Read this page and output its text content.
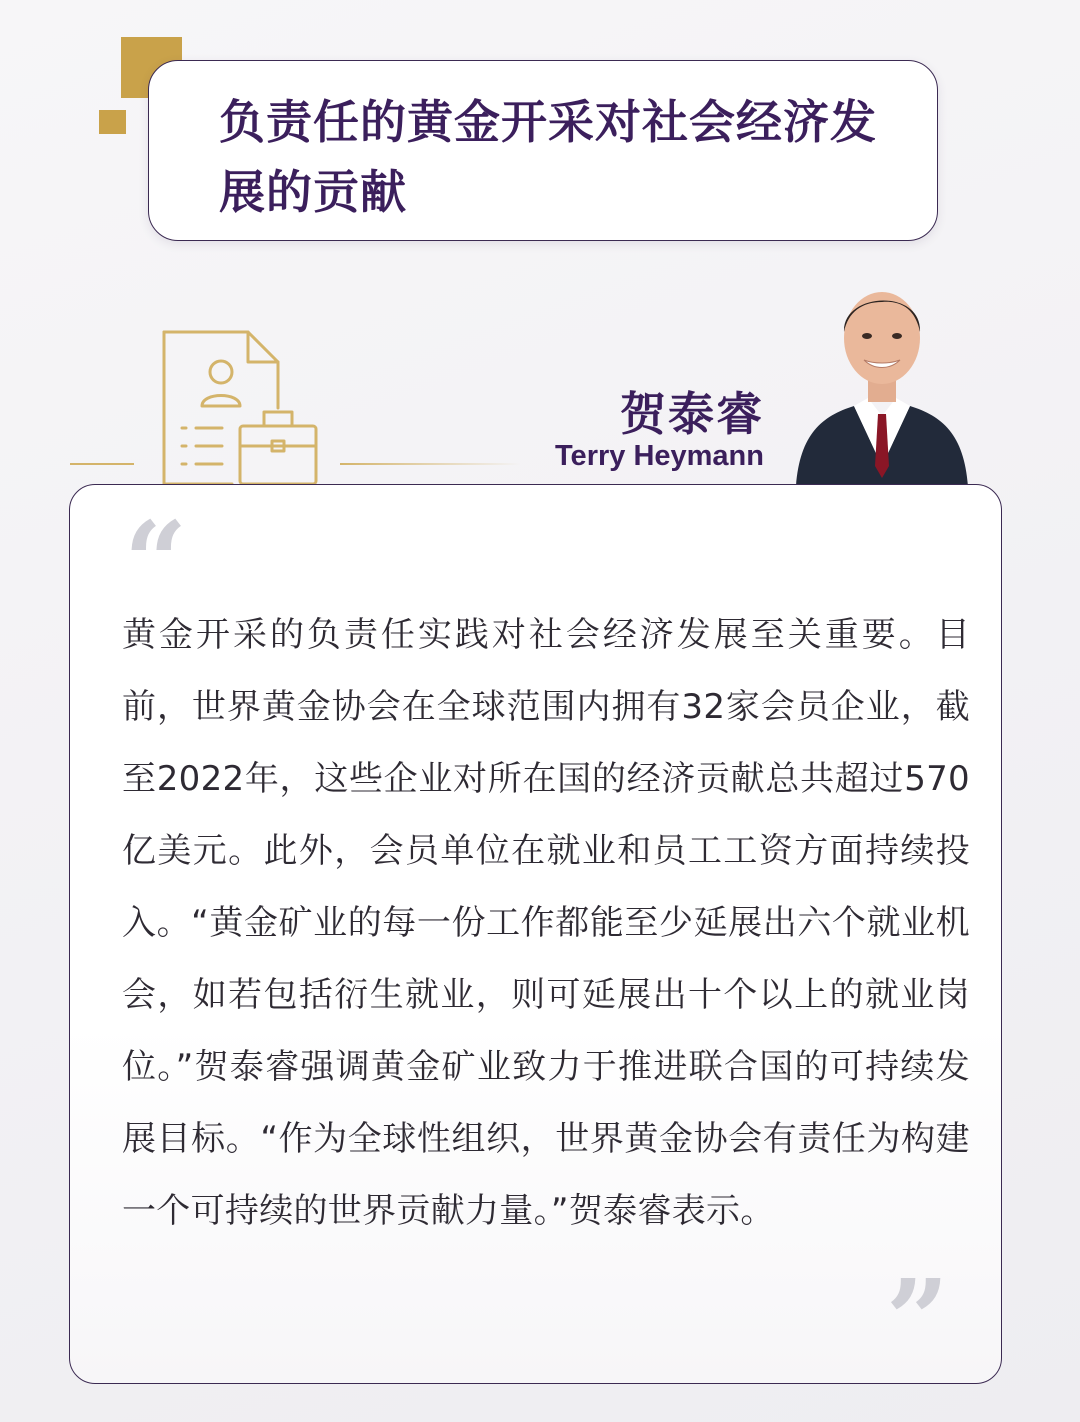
负责任的黄金开采对社会经济发展的贡献

贺泰睿

Terry Heymann

“

黄金开采的负责任实践对社会经济发展至关重要。目前，世界黄金协会在全球范围内拥有32家会员企业，截至2022年，这些企业对所在国的经济贡献总共超过570亿美元。此外，会员单位在就业和员工工资方面持续投入。“黄金矿业的每一份工作都能至少延展出六个就业机会，如若包括衍生就业，则可延展出十个以上的就业岗位。”贺泰睿强调黄金矿业致力于推进联合国的可持续发展目标。“作为全球性组织，世界黄金协会有责任为构建一个可持续的世界贡献力量。”贺泰睿表示。

”
